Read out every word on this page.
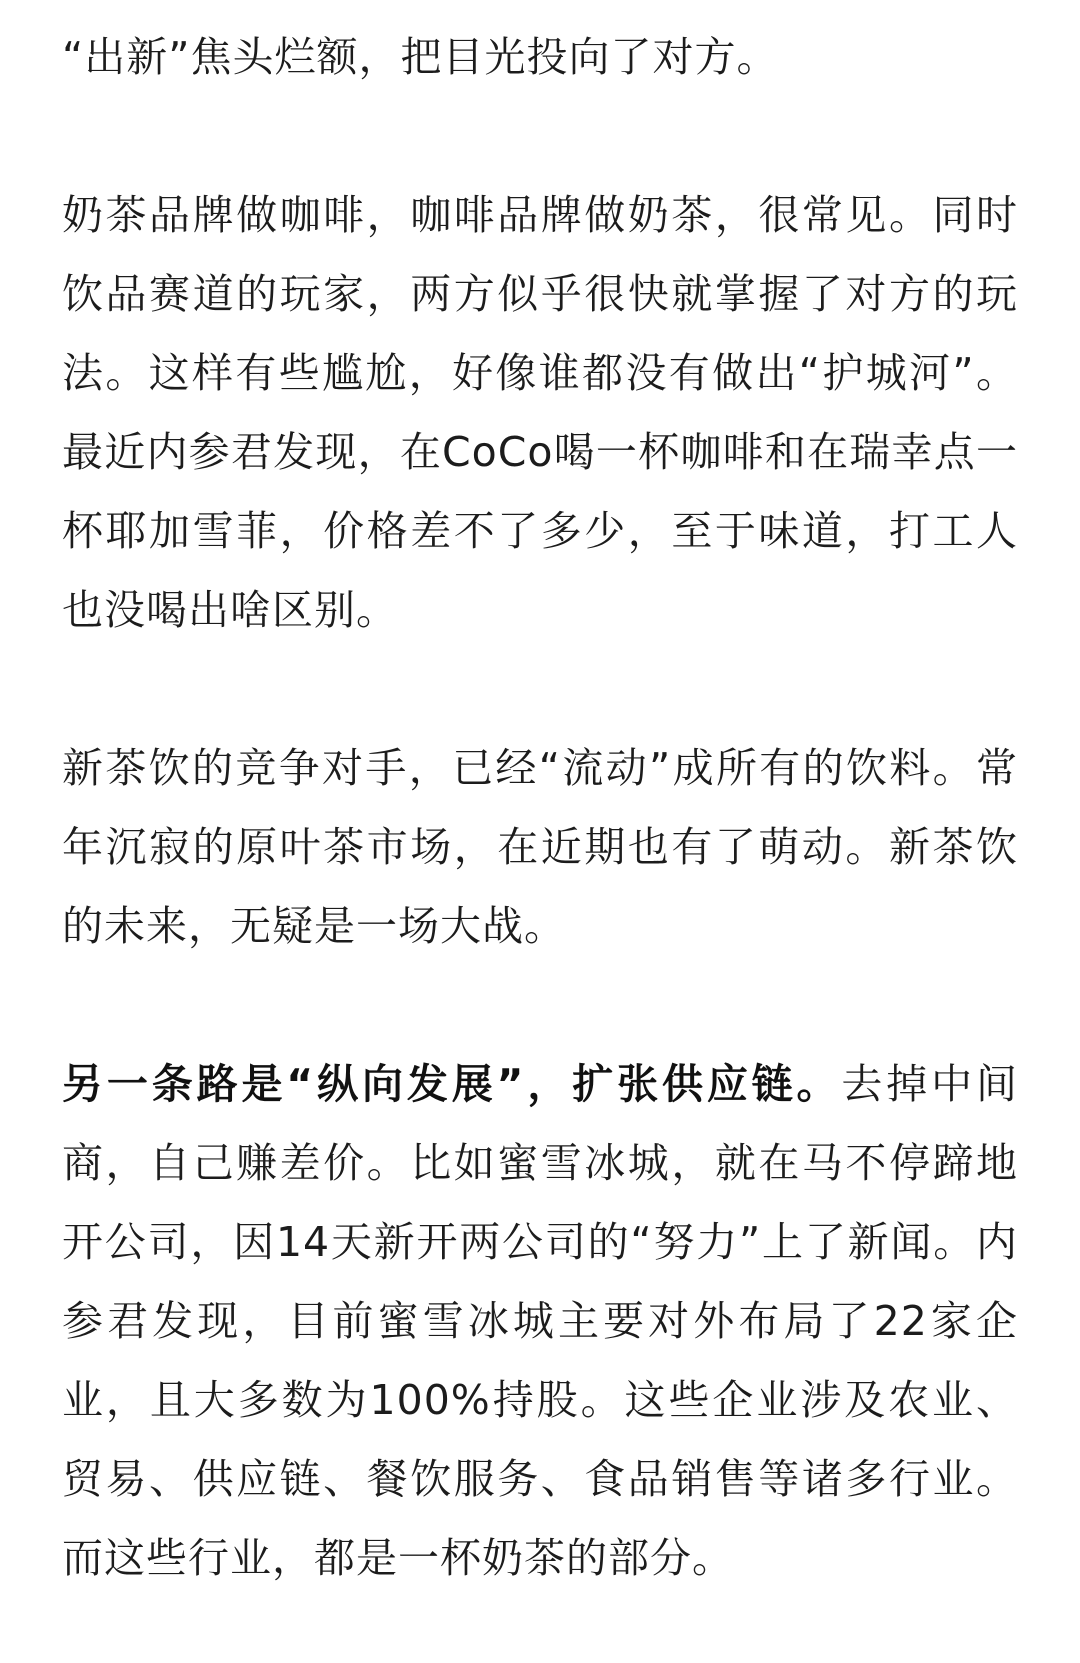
“出新”焦头烂额，把目光投向了对方。

奶茶品牌做咖啡，咖啡品牌做奶茶，很常见。同时饮品赛道的玩家，两方似乎很快就掌握了对方的玩法。这样有些尴尬，好像谁都没有做出“护城河”。最近内参君发现，在CoCo喝一杯咖啡和在瑞幸点一杯耶加雪菲，价格差不了多少，至于味道，打工人也没喝出啥区别。

新茶饮的竞争对手，已经“流动”成所有的饮料。常年沉寂的原叶茶市场，在近期也有了萌动。新茶饮的未来，无疑是一场大战。

另一条路是“纵向发展”，扩张供应链。去掉中间商，自己赚差价。比如蜜雪冰城，就在马不停蹄地开公司，因14天新开两公司的“努力”上了新闻。内参君发现，目前蜜雪冰城主要对外布局了22家企业，且大多数为100%持股。这些企业涉及农业、贸易、供应链、餐饮服务、食品销售等诸多行业。而这些行业，都是一杯奶茶的部分。
